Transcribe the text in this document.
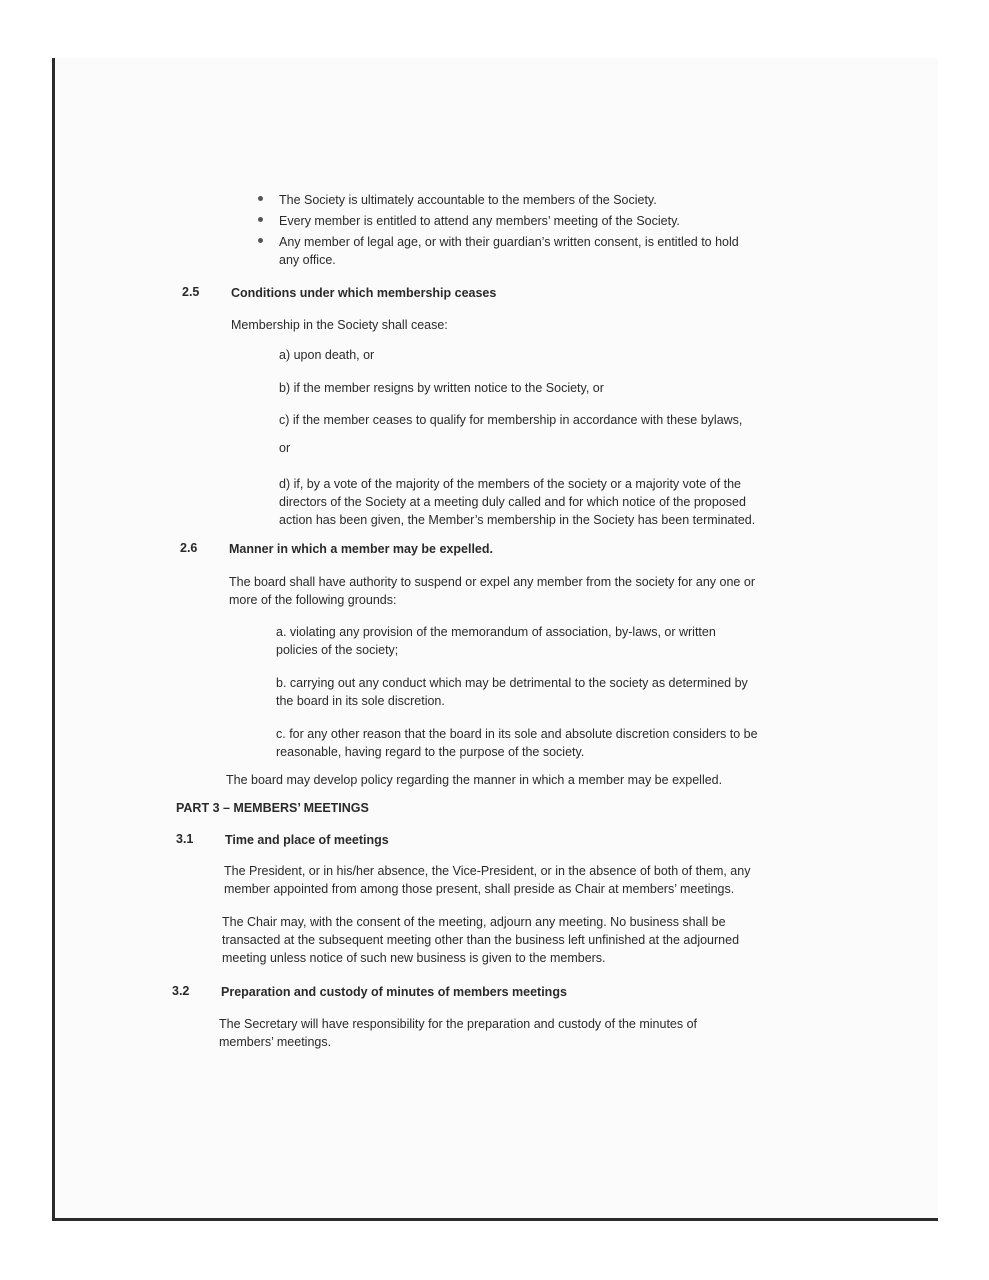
The Society is ultimately accountable to the members of the Society.
Every member is entitled to attend any members’ meeting of the Society.
Any member of legal age, or with their guardian’s written consent, is entitled to hold
any office.
2.5	Conditions under which membership ceases
Membership in the Society shall cease:
a) upon death, or
b) if the member resigns by written notice to the Society, or
c) if the member ceases to qualify for membership in accordance with these bylaws,
or
d) if, by a vote of the majority of the members of the society or a majority vote of the
directors of the Society at a meeting duly called and for which notice of the proposed
action has been given, the Member’s membership in the Society has been terminated.
2.6	Manner in which a member may be expelled.
The board shall have authority to suspend or expel any member from the society for any one or
more of the following grounds:
a. violating any provision of the memorandum of association, by-laws, or written
policies of the society;
b. carrying out any conduct which may be detrimental to the society as determined by
the board in its sole discretion.
c. for any other reason that the board in its sole and absolute discretion considers to be
reasonable, having regard to the purpose of the society.
The board may develop policy regarding the manner in which a member may be expelled.
PART 3 – MEMBERS’ MEETINGS
3.1	Time and place of meetings
The President, or in his/her absence, the Vice-President, or in the absence of both of them, any
member appointed from among those present, shall preside as Chair at members’ meetings.
The Chair may, with the consent of the meeting, adjourn any meeting. No business shall be
transacted at the subsequent meeting other than the business left unfinished at the adjourned
meeting unless notice of such new business is given to the members.
3.2	Preparation and custody of minutes of members meetings
The Secretary will have responsibility for the preparation and custody of the minutes of
members’ meetings.
